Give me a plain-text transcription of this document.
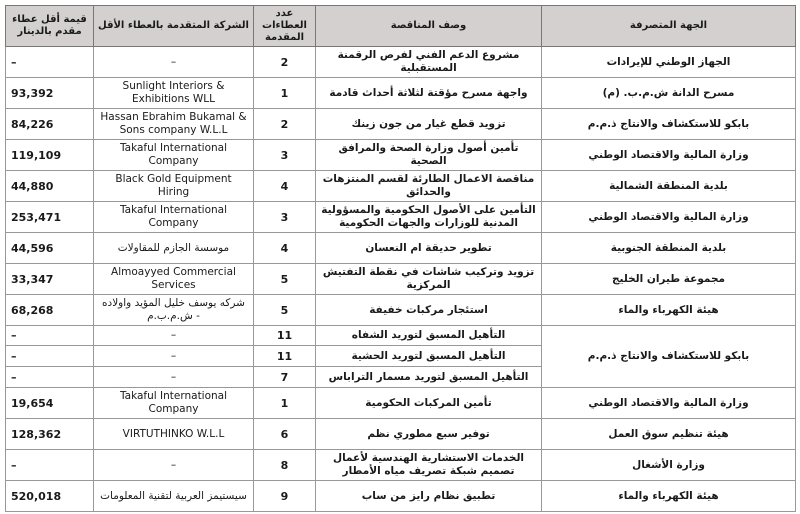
الجهة المتصرفة	وصف المناقصة	عدد العطاءات المقدمة	الشركة المتقدمة بالعطاء الأقل	قيمة أقل عطاء مقدم بالدينار
الجهاز الوطني للإيرادات	مشروع الدعم الفني لفرص الرقمنة المستقبلية	2	–	–
مسرح الدانة ش.م.ب. (م)	واجهة مسرح مؤقتة لثلاثة أحداث قادمة	1	Sunlight Interiors & Exhibitions WLL	93,392
بابكو للاستكشاف والانتاج ذ.م.م	تزويد قطع غيار من جون زينك	2	Hassan Ebrahim Bukamal & Sons company W.L.L	84,226
وزارة المالية والاقتصاد الوطني	تأمين أصول وزارة الصحة والمرافق الصحية	3	Takaful International Company	119,109
بلدية المنطقة الشمالية	مناقصة الاعمال الطارئة لقسم المنتزهات والحدائق	4	Black Gold Equipment Hiring	44,880
وزارة المالية والاقتصاد الوطني	التأمين على الأصول الحكومية والمسؤولية المدنية للوزارات والجهات الحكومية	3	Takaful International Company	253,471
بلدية المنطقة الجنوبية	تطوير حديقة ام النعسان	4	موسسة الجازم للمقاولات	44,596
مجموعة طيران الخليج	تزويد وتركيب شاشات في نقطة التفتيش المركزية	5	Almoayyed Commercial Services	33,347
هيئة الكهرباء والماء	استئجار مركبات خفيفة	5	شركه يوسف خليل المؤيد واولاده - ش.م.ب.م	68,268
بابكو للاستكشاف والانتاج ذ.م.م	التأهيل المسبق لتوريد الشفاه	11	–	–
	التأهيل المسبق لتوريد الحشية	11	–	–
	التأهيل المسبق لتوريد مسمار التراباس	7	–	–
وزارة المالية والاقتصاد الوطني	تأمين المركبات الحكومية	1	Takaful International Company	19,654
هيئة تنظيم سوق العمل	توفير سبع مطوري نظم	6	VIRTUTHINKO W.L.L	128,362
وزارة الأشغال	الخدمات الاستشارية الهندسية لأعمال تصميم شبكة تصريف مياه الأمطار	8	–	–
هيئة الكهرباء والماء	تطبيق نظام رايز من ساب	9	سيستيمز العربية لتقنية المعلومات	520,018
